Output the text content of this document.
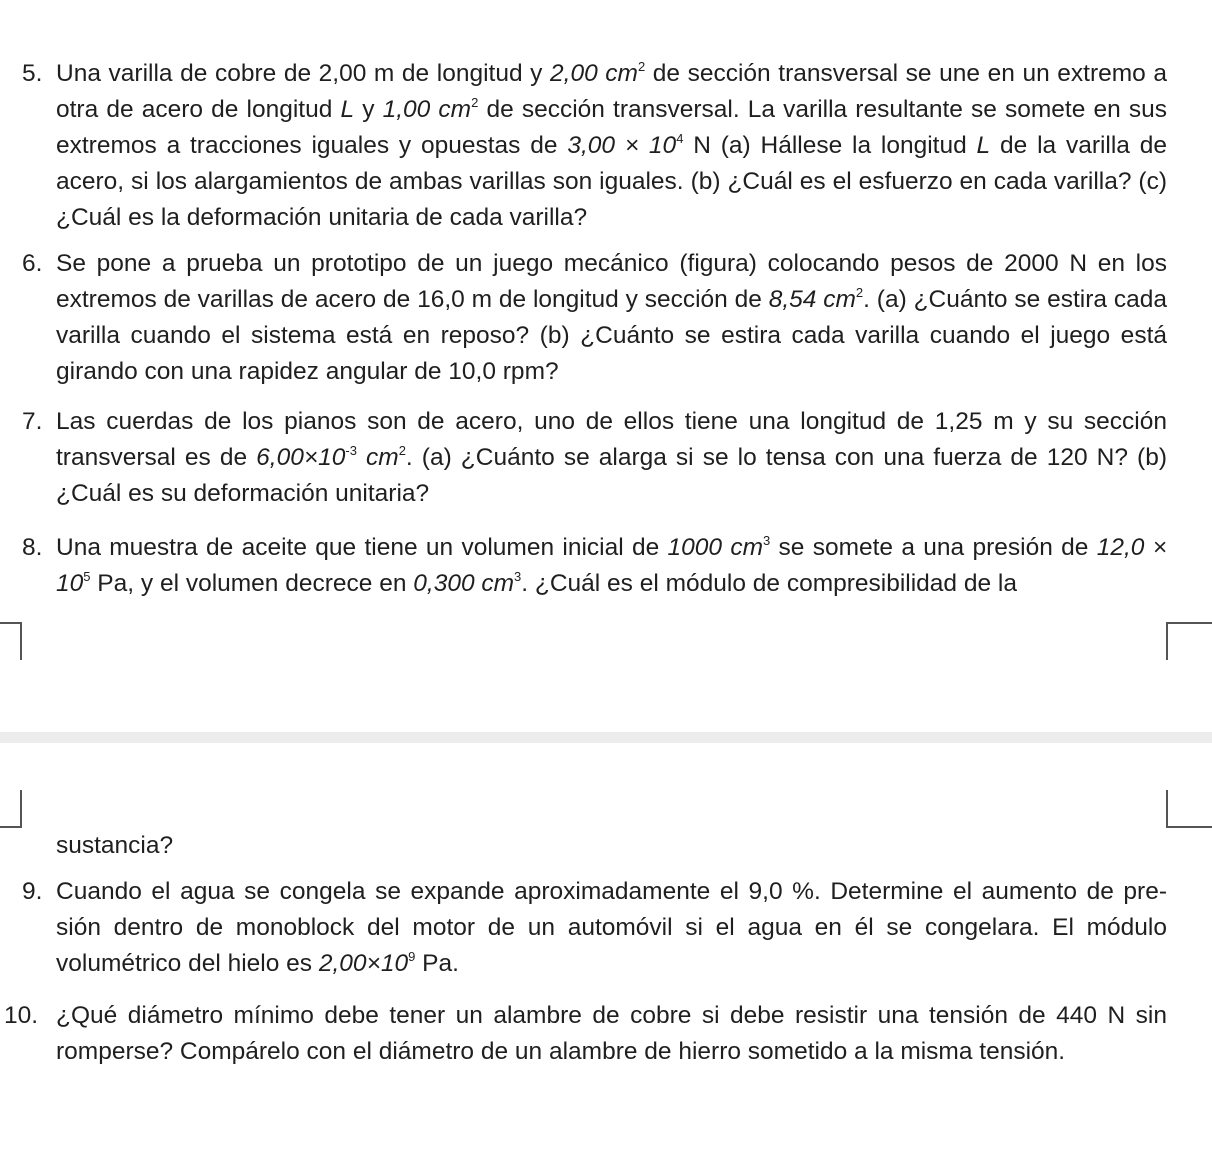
5. Una varilla de cobre de 2,00 m de longitud y 2,00 $cm^2$ de sección transversal se une en un extremo a otra de acero de longitud L y 1,00 $cm^2$ de sección transversal. La varilla resultante se somete en sus extremos a tracciones iguales y opuestas de $3,00 \times 10^4$ N (a) Hállese la longitud L de la varilla de acero, si los alargamientos de ambas varillas son iguales. (b) ¿Cuál es el esfuerzo en cada varilla? (c) ¿Cuál es la deformación unitaria de cada varilla?

6. Se pone a prueba un prototipo de un juego mecánico (figura) colocando pesos de 2000 N en los extremos de varillas de acero de 16,0 m de longitud y sección de 8,54 $cm^2$. (a) ¿Cuánto se estira cada varilla cuando el sistema está en reposo? (b) ¿Cuánto se estira cada varilla cuando el juego está girando con una rapidez angular de 10,0 rpm?

7. Las cuerdas de los pianos son de acero, uno de ellos tiene una longitud de 1,25 m y su sección transversal es de $6,00\times 10^{-3}$ $cm^2$. (a) ¿Cuánto se alarga si se lo tensa con una fuerza de 120 N? (b) ¿Cuál es su deformación unitaria?

8. Una muestra de aceite que tiene un volumen inicial de 1000 $cm^3$ se somete a una presión de $12,0 \times 10^5$ Pa, y el volumen decrece en 0,300 $cm^3$. ¿Cuál es el módulo de compresibilidad de la

sustancia?

9. Cuando el agua se congela se expande aproximadamente el 9,0 %. Determine el aumento de pre-sión dentro de monoblock del motor de un automóvil si el agua en él se congelara. El módulo volumétrico del hielo es $2,00\times 10^9$ Pa.

10. ¿Qué diámetro mínimo debe tener un alambre de cobre si debe resistir una tensión de 440 N sin romperse? Compárelo con el diámetro de un alambre de hierro sometido a la misma tensión.
